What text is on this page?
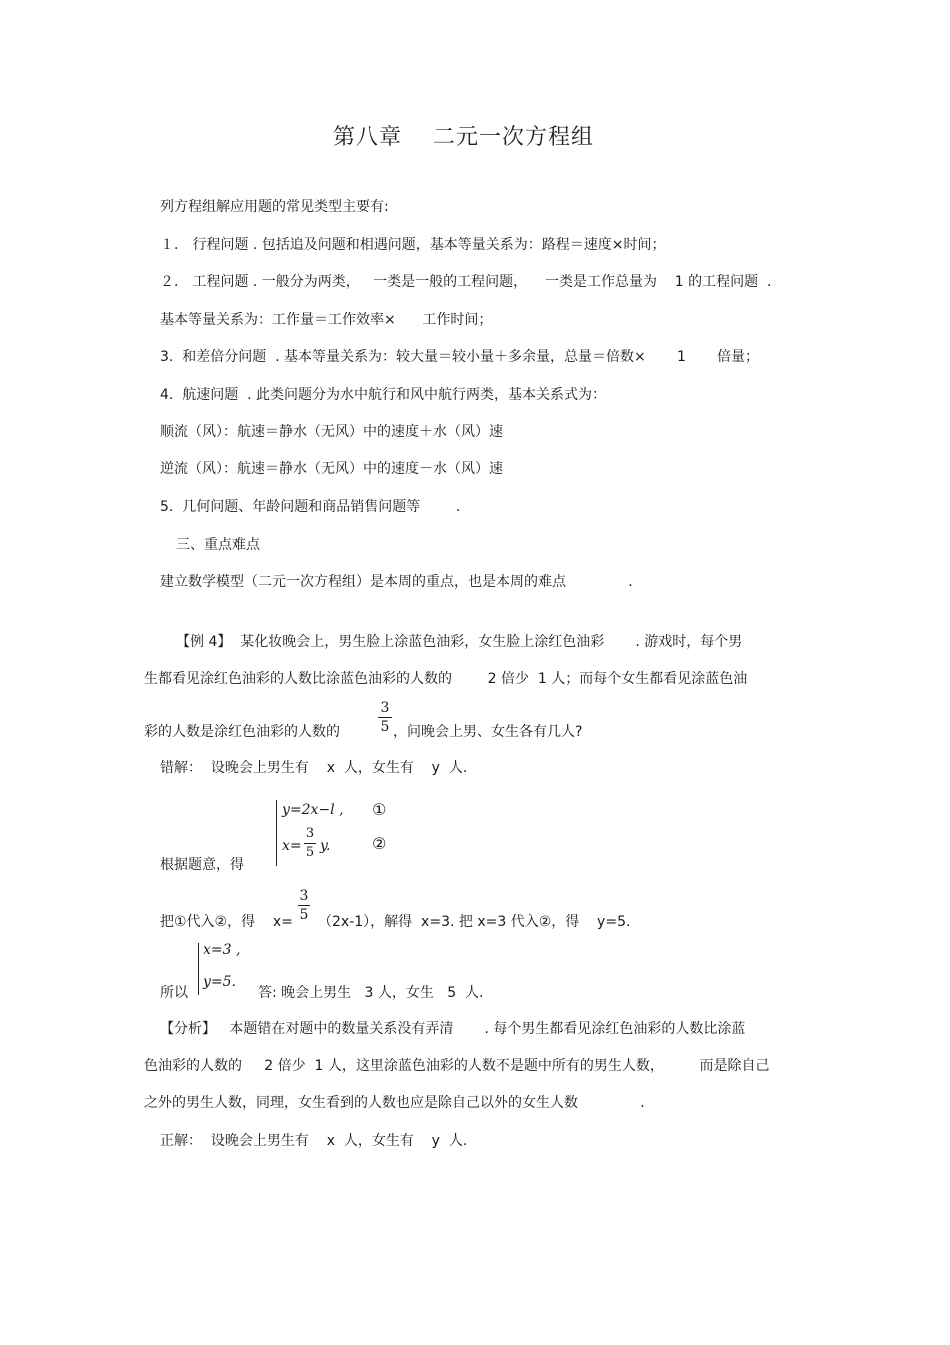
第八章　 二元一次方程组
列方程组解应用题的常见类型主要有:
１． 行程问题 . 包括追及问题和相遇问题，基本等量关系为：路程＝速度×时间；
２． 工程问题 . 一般分为两类，   一类是一般的工程问题，    一类是工作总量为    1 的工程问题  .
基本等量关系为：工作量＝工作效率×      工作时间；
3.  和差倍分问题  . 基本等量关系为：较大量＝较小量＋多余量，总量＝倍数×       1       倍量；
4.  航速问题  . 此类问题分为水中航行和风中航行两类，基本关系式为：
顺流（风）：航速＝静水（无风）中的速度＋水（风）速
逆流（风）：航速＝静水（无风）中的速度－水（风）速
5.  几何问题、年龄问题和商品销售问题等        .
三、重点难点
建立数学模型（二元一次方程组）是本周的重点，也是本周的难点              .
【例 4】  某化妆晚会上，男生脸上涂蓝色油彩，女生脸上涂红色油彩       . 游戏时，每个男
生都看见涂红色油彩的人数比涂蓝色油彩的人数的        2 倍少  1 人；而每个女生都看见涂蓝色油
彩的人数是涂红色油彩的人数的
3
5 ，问晚会上男、女生各有几人?
错解：  设晚会上男生有    x  人，女生有    y  人.
y=2x−l ,
x=
3
5 y.
①
②
根据题意，得
把①代入②，得    x=
3
5 （2x-1），解得  x=3. 把 x=3 代入②，得    y=5.
x=3 ,
y=5.
所以	答: 晚会上男生   3 人，女生   5  人.
【分析】   本题错在对题中的数量关系没有弄清       . 每个男生都看见涂红色油彩的人数比涂蓝
色油彩的人数的     2 倍少  1 人，这里涂蓝色油彩的人数不是题中所有的男生人数，        而是除自己
之外的男生人数，同理，女生看到的人数也应是除自己以外的女生人数              .
正解：  设晚会上男生有    x  人，女生有    y  人.
